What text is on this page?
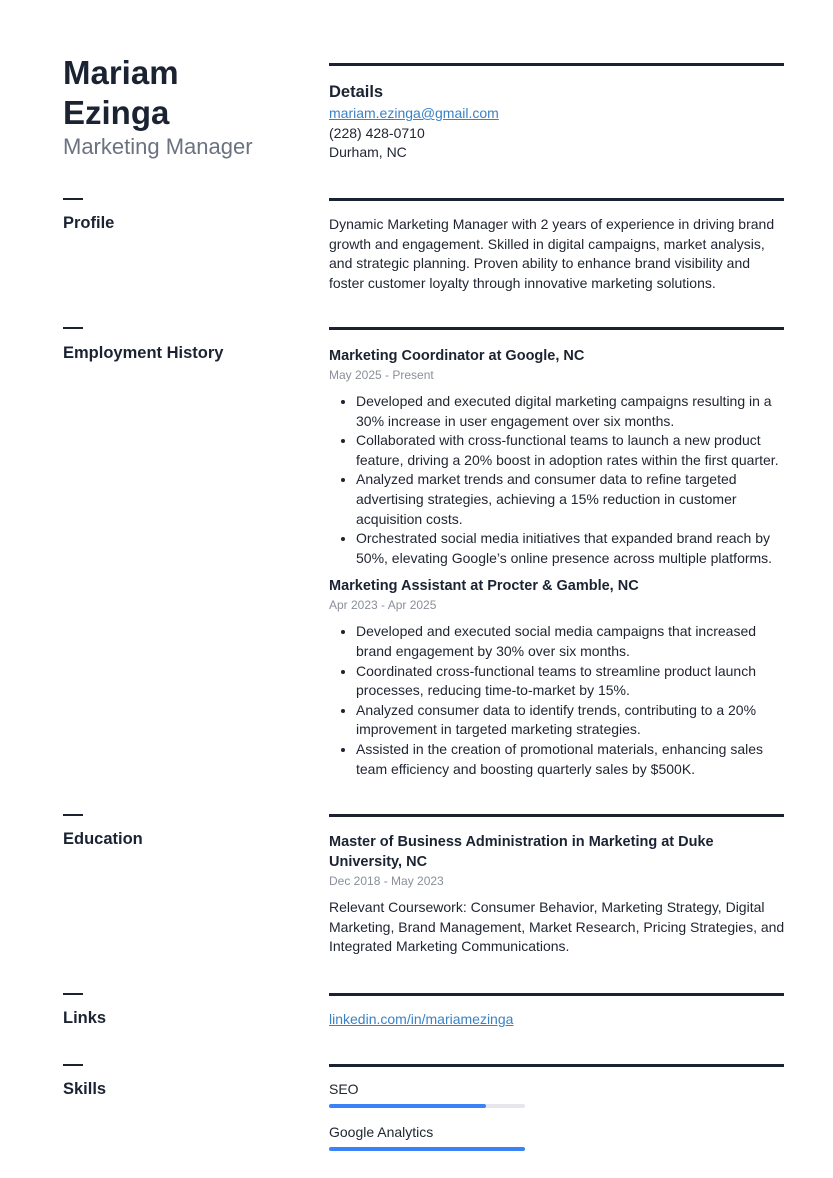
Mariam
Ezinga
Marketing Manager
Details
mariam.ezinga@gmail.com
(228) 428-0710
Durham, NC
Profile	Dynamic Marketing Manager with 2 years of experience in driving brand growth and engagement. Skilled in digital campaigns, market analysis, and strategic planning. Proven ability to enhance brand visibility and foster customer loyalty through innovative marketing solutions.
Employment History	Marketing Coordinator at Google, NC
May 2025 - Present
• Developed and executed digital marketing campaigns resulting in a 30% increase in user engagement over six months.
• Collaborated with cross-functional teams to launch a new product feature, driving a 20% boost in adoption rates within the first quarter.
• Analyzed market trends and consumer data to refine targeted advertising strategies, achieving a 15% reduction in customer acquisition costs.
• Orchestrated social media initiatives that expanded brand reach by 50%, elevating Google’s online presence across multiple platforms.
Marketing Assistant at Procter & Gamble, NC
Apr 2023 - Apr 2025
• Developed and executed social media campaigns that increased brand engagement by 30% over six months.
• Coordinated cross-functional teams to streamline product launch processes, reducing time-to-market by 15%.
• Analyzed consumer data to identify trends, contributing to a 20% improvement in targeted marketing strategies.
• Assisted in the creation of promotional materials, enhancing sales team efficiency and boosting quarterly sales by $500K.
Education	Master of Business Administration in Marketing at Duke University, NC
Dec 2018 - May 2023
Relevant Coursework: Consumer Behavior, Marketing Strategy, Digital Marketing, Brand Management, Market Research, Pricing Strategies, and Integrated Marketing Communications.
Links	linkedin.com/in/mariamezinga
Skills	SEO
Google Analytics
